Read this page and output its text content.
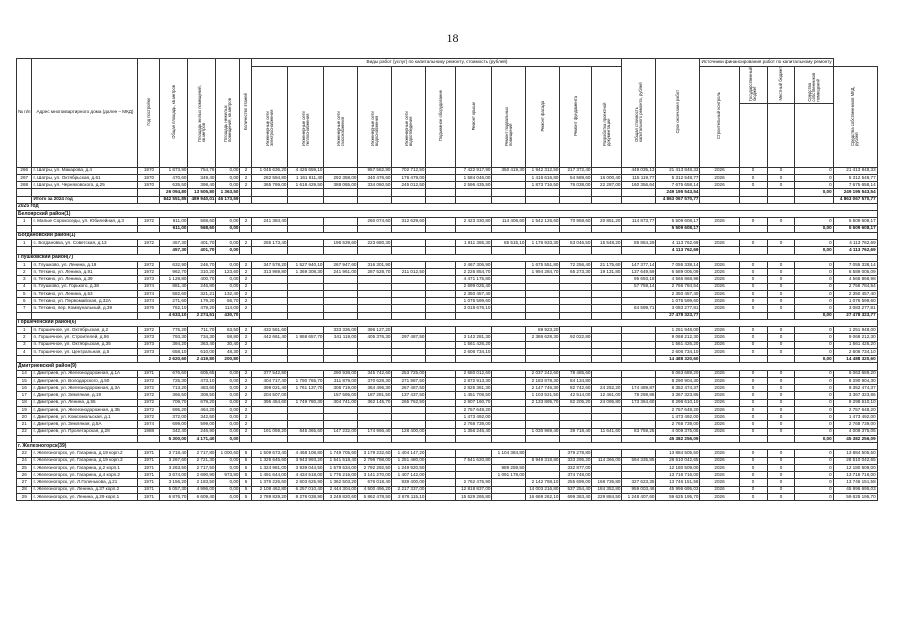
18
№ п/п	Адрес многоквартирного дома (далее – МКД)	Год постройки	Общая площадь, кв.метров	Площадь жилых помещений, кв.метров	Площадь нежилых помещений, кв.метров	Количество этажей	Виды работ (услуг) по капитальному ремонту, стоимость (рублей)											Общая стоимость капитального ремонта, рублей	Срок окончания работ	Источники финансирования работ по капитальному ремонту				
							Инженерные сети электроснабжения	Инженерные сети теплоснабжения	Инженерные сети газоснабжения	Инженерные сети водоснабжения	Инженерные сети водоотведения	Подъемное оборудование	Ремонт крыши	Ремонт подвальных помещений	Ремонт фасада	Ремонт фундамента	Разработка проектной документации			Строительный контроль	Государственный бюджет	Местный бюджет	Средства собственников помещений	Средства собственников МКД, рублей

266	г. Шатры, ул. Макарова, д.4	1970	1 873,90	754,76	0,00	2	1 045 636,20	4 426 659,10		957 562,90	702 712,50		7 422 917,90	350 419,30	1 942 312,50	217 372,40		449 035,13	21 413 848,33	2026	0	0	0	21 413 848,33
267	г. Шатры, ул. Октябрьская, д.61	1970	470,60	349,40	0,00	2	282 594,80	1 161 611,40	292 358,00	340 476,60	176 479,00		1 584 046,00		1 416 616,80	54 589,60	16 000,40	115 119,77	5 312 548,77	2026	0	0	0	5 312 548,77
268	г. Шатры, ул. Черняховского, д.25	1970	635,50	398,40	0,00	2	365 769,00	1 618 429,50	388 065,00	334 060,50	245 012,50		2 596 435,50		1 873 716,50	76 038,00	22 287,00	160 356,64	7 675 658,14	2026	0	0	0	7 675 658,14
			26 094,80	13 505,80	1 363,50														249 195 543,54				0,00	249 195 543,54
	Итого за 2024 год		842 551,85	489 940,01	46 173,59														4 863 067 570,77					4 863 067 570,77
2025 год																								
Белоярский район(1)																								
1	г. Малые Сорокоседы, ул. Юбилейная, д.3	1972	611,00	568,60	0,00	2	241 384,40			260 074,60	312 629,60		2 423 330,80	114 406,60	1 542 126,60	70 958,60	20 851,20	114 873,77	5 509 608,17	2026	0	0	0	5 509 608,17
			611,00	568,60	0,00														5 509 608,17				0,00	5 509 608,17
Богдановский район(1)																								
1	с. Богдановка, ул. Советская, д.13	1972	457,30	401,70	0,00	2	255 173,40		196 539,60	223 680,30			1 811 365,30	85 515,10	1 176 933,30	53 046,50	15 548,20	85 864,29	4 113 762,69	2026	0	0	0	4 113 762,69
			457,30	401,70	0,00														4 113 762,69				0,00	4 113 762,69
Глушковский район(7)																								
1	п. Глушково, ул. Ленина, д.19	1972	632,90	246,70	0,00	2	347 578,20	1 527 940,10	267 947,60	316 301,90			2 467 306,90		1 675 551,80	72 256,40	21 175,60	147 377,14	7 055 338,14	2026	0	0	0	7 055 338,14
2	п. Теткино, ул. Ленина, д.91	1972	962,70	310,20	123,60	2	313 969,80	1 369 308,30	241 961,00	287 528,70	211 012,50		2 226 854,70		1 994 284,70	65 273,30	19 131,80	137 649,59	6 589 005,09	2026	0	0	0	6 589 005,09
3	п. Теткино, ул. Ленина, д.39	1973	1 128,80	400,70	0,00	2							4 471 175,80					95 693,18	4 566 868,98	2026	0	0	0	4 566 868,98
4	п. Глушково, ул. Горького, д.38	1974	881,40	246,80	0,00	2							2 699 025,40					57 759,14	2 756 784,54	2026	0	0	0	2 756 784,54
5	п. Теткино, ул. Ленина, д.53	1974	582,60	321,21	132,40	2							2 350 457,40						2 350 457,40	2026	0	0	0	2 350 457,40
6	п. Теткино, ул. Первомайская, д.32А	1974	271,60	179,20	56,70	2							1 076 599,60						1 076 599,60	2026	0	0	0	1 076 599,60
7	п. Теткино, пер. Коммунальный, д.39	1976	762,10	479,20	114,00	2							3 018 676,10					64 599,71	3 083 277,81	2026	0	0	0	3 083 277,81
			4 633,10	2 274,51	430,70														27 478 323,77				0,00	27 478 323,77
Горшеченский район(6)																								
1	п. Горшечное, ул. Октябрьская, д.2	1972	775,20	711,70	63,50	2	432 561,60		333 336,00	396 127,20					89 923,20				1 251 948,00	2026	0	0	0	1 251 948,00
2	п. Горшечное, ул. Строителей, д.56	1973	793,30	734,30	58,80	2	442 661,40	1 958 657,70	341 119,00	405 376,30	297 487,50		3 142 281,30		2 386 628,30	92 022,80			9 068 212,30	2026	0	0	0	9 068 212,30
3	п. Горшечное, ул. Октябрьская, д.35	1973	394,20	363,40	30,40	2							1 561 426,20						1 561 426,20	2026	0	0	0	1 561 426,20
4	п. Горшечное, ул. Центральная, д.5	1973	658,10	610,00	48,30	2							2 606 734,10						2 606 734,10	2026	0	0	0	2 606 734,10
			2 620,60	2 419,80	200,80														14 488 320,60				0,00	14 488 320,60
Дмитриевский район(9)																								
14	г. Дмитриев, ул. Железнодорожная, д.1А	1971	676,60	605,65	0,00	2	377 542,80		290 938,00	345 742,60	253 725,00		2 680 012,60		2 037 242,60	78 485,60			6 063 689,20	2026	0	0	0	6 063 689,20
15	г. Дмитриев, ул. Володарского, д.50	1972	725,30	473,10	0,00	2	404 717,40	1 790 765,70	311 879,00	370 628,30	271 987,50		2 872 913,30		2 183 878,30	84 134,80			8 290 904,30	2026	0	0	0	8 290 904,30
16	г. Дмитриев, ул. Железнодорожная, д.3А	1972	713,20	483,60	0,00	2	398 021,40	1 761 137,70	306 719,00	364 496,30	267 487,50		2 825 381,30		2 147 746,30	82 742,60	24 252,20	174 489,87	8 352 474,37	2026	0	0	0	8 352 474,37
17	г. Дмитриев, ул. Земляная, д.19	1972	366,50	308,50	0,00	2	204 507,00		157 595,00	187 281,50	137 437,50		1 451 708,50		1 103 521,50	42 514,00	12 461,00	78 298,86	3 367 323,86	2026	0	0	0	3 367 323,86
18	г. Дмитриев, ул. Ленина, д.55	1972	709,70	679,20	0,00	2	395 454,60	1 749 780,30	304 741,00	362 145,70	265 762,50		2 807 160,70		2 133 895,70	82 205,20	24 095,80	173 364,60	8 298 610,10	2026	0	0	0	8 298 610,10
19	г. Дмитриев, ул. Железнодорожная, д.3Б	1972	695,20	464,20	0,00	2							2 757 648,20						2 757 648,20	2026	0	0	0	2 757 648,20
20	г. Дмитриев, ул. Комсомольская, д.1	1972	372,00	342,50	0,00	2							1 473 492,00						1 473 492,00	2026	0	0	0	1 473 492,00
21	г. Дмитриев, ул. Земляная, д.5А	1974	699,00	599,00	0,00	2							2 768 739,00						2 768 739,00	2026	0	0	0	2 768 739,00
22	г. Дмитриев, ул. Пролетарская, д.28	1988	342,40	246,90	0,00	2	191 059,20	845 365,60	147 232,00	174 966,40	128 400,00		1 356 246,40		1 030 969,40	39 718,40	11 641,60	83 759,25	4 009 375,05	2026	0	0	0	4 009 375,05
			5 300,00	4 171,40	0,00														45 382 256,09				0,00	45 382 256,09
г. Железногорск(39)																								
22	г. Железногорск, ул. Гагарина, д.19 корп.2	1971	3 718,40	2 717,80	1 000,60	5	1 509 673,40	4 468 108,80	1 749 705,60	3 179 232,60	1 404 147,20			1 104 384,80		379 278,80			13 884 505,50	2026	0	0	0	13 884 505,50
24	г. Железногорск, ул. Гагарина, д.19 корп.3	1971	3 267,60	2 721,30	0,00	5	1 326 645,60	3 943 993,20	1 541 518,40	2 798 798,00	1 251 480,00		7 541 620,80		8 949 318,80	333 295,20	114 366,00	594 335,85	28 510 042,65	2026	0	0	0	28 510 042,65
25	г. Железногорск, ул. Гагарина, д.2 корп.1	1971	3 263,50	2 717,50	0,00	5	1 324 981,00	3 939 044,50	1 579 534,00	2 792 292,50	1 249 920,50			989 259,50		332 877,00			12 180 509,00	2026	0	0	0	12 180 509,00
26	г. Железногорск, ул. Гагарина, д.4 корп.2	1971	3 674,00	2 690,90	973,80	5	1 491 644,00	4 434 518,00	1 776 216,00	3 141 270,00	1 407 142,00			1 091 178,00		374 748,00			13 716 716,00	2026	0	0	0	13 716 716,00
27	г. Железногорск, ул. Л.Голенькова, д.21	1971	3 156,20	2 183,50	0,00	5	1 376 226,60	2 603 625,90	1 362 503,20	676 018,40	939 400,00		2 762 475,90		2 142 768,10	255 699,00	168 736,80	327 623,35	13 746 151,58	2026	0	0	0	13 746 151,58
28	г. Железногорск, ул. Ленина, д.37 корп.2	1971	5 057,30	4 996,00	0,00	5	2 108 462,80	6 257 010,40	2 444 304,00	4 500 496,20	2 217 337,00		12 818 837,00		14 003 216,80	537 254,40	184 352,80	959 003,46	45 996 695,03	2026	0	0	0	45 996 695,03
29	г. Железногорск, ул. Ленина, д.29 корп.1	1971	6 876,70	6 609,40	0,00	5	2 789 829,20	8 276 038,90	3 248 820,60	5 862 478,50	2 676 115,10		15 529 265,80		16 669 262,10	699 363,40	229 884,50	1 248 407,60	59 625 195,70	2026	0	0	0	59 625 195,70
